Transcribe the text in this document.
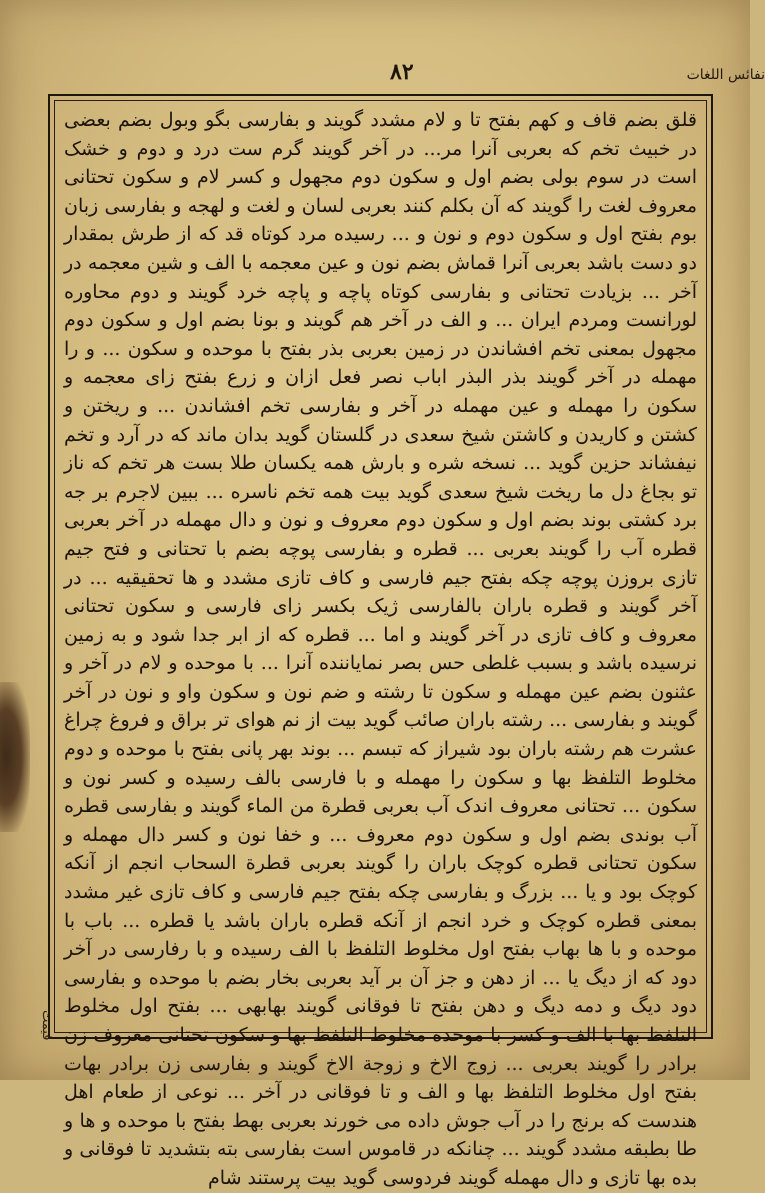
۸۲	نفائس اللغات

قلق بضم قاف و کھم بفتح تا و لام مشدد گویند و بفارسی بگو وبول بضم بعضی در خبیث تخم که بعربی آنرا مر... در آخر گویند گرم ست درد و دوم و خشک است در سوم بولی بضم اول و سکون دوم مجهول و کسر لام و سکون تحتانی معروف لغت را گویند که آن بکلم کنند بعربی لسان و لغت و لهجه و بفارسی زبان بوم بفتح اول و سکون دوم و نون و ... رسیده مرد کوتاه قد که از طرش بمقدار دو دست باشد بعربی آنرا قماش بضم نون و عین معجمه با الف و شین معجمه در آخر ... بزیادت تحتانی و بفارسی کوتاه پاچه و پاچه خرد گویند و دوم محاوره لورانست ومردم ایران ... و الف در آخر هم گویند و بونا بضم اول و سکون دوم مجهول بمعنی تخم افشاندن در زمین بعربی بذر بفتح با موحده و سکون ... و را مهمله در آخر گویند بذر البذر اباب نصر فعل ازان و زرع بفتح زای معجمه و سکون را مهمله و عین مهمله در آخر و بفارسی تخم افشاندن ... و ریختن و کشتن و کاریدن و کاشتن شیخ سعدی در گلستان گوید بدان ماند که در آرد و تخم نیفشاند حزین گوید ... نسخه شره و بارش همه یکسان طلا بست هر تخم که ناز تو بجاغ دل ما ریخت شیخ سعدی گوید بیت همه تخم ناسره ... ببین لاجرم بر جه برد کشتی بوند بضم اول و سکون دوم معروف و نون و دال مهمله در آخر بعربی قطره آب را گویند بعربی ... قطره و بفارسی پوچه بضم با تحتانی و فتح جیم تازی بروزن پوچه چکه بفتح جیم فارسی و کاف تازی مشدد و ها تحقیقیه ... در آخر گویند و قطره باران بالفارسی ژیک بکسر زای فارسی و سکون تحتانی معروف و کاف تازی در آخر گویند و اما ... قطره که از ابر جدا شود و به زمین نرسیده باشد و بسبب غلطی حس بصر نمایاننده آنرا ... با موحده و لام در آخر و عثنون بضم عین مهمله و سکون تا رشته و ضم نون و سکون واو و نون در آخر گویند و بفارسی ... رشته باران صائب گوید بیت از نم هوای تر براق و فروغ چراغ عشرت هم رشته باران بود شیراز که تبسم ... بوند بھر پانی بفتح با موحده و دوم مخلوط التلفظ بها و سکون را مهمله و با فارسی بالف رسیده و کسر نون و سکون ... تحتانی معروف اندک آب بعربی قطرة من الماء گویند و بفارسی قطره آب بوندی بضم اول و سکون دوم معروف ... و خفا نون و کسر دال مهمله و سکون تحتانی قطره کوچک باران را گویند بعربی قطرة السحاب انجم از آنکه کوچک بود و یا ... بزرگ و بفارسی چکه بفتح جیم فارسی و کاف تازی غیر مشدد بمعنی قطره کوچک و خرد انجم از آنکه قطره باران باشد یا قطره ... باب با موحده و با ها بھاب بفتح اول مخلوط التلفظ با الف رسیده و با رفارسی در آخر دود که از دیگ یا ... از دهن و جز آن بر آید بعربی بخار بضم با موحده و بفارسی دود دیگ و دمه دیگ و دهن بفتح تا فوقانی گویند بھابھی ... بفتح اول مخلوط التلفظ بها با الف و کسر با موحده مخلوط التلفظ بها و سکون تحتانی معروف زن برادر را گویند بعربی ... زوج الاخ و زوجة الاخ گویند و بفارسی زن برادر بھات بفتح اول مخلوط التلفظ بها و الف و تا فوقانی در آخر ... نوعی از طعام اهل هندست که برنج را در آب جوش داده می خورند بعربی بھط بفتح با موحده و ها و طا بطبقه مشدد گویند ... چنانکه در قاموس است بفارسی بته بتشدید تا فوقانی و بده بها تازی و دال مهمله گویند فردوسی گوید بیت پرستند شام

قیمت
